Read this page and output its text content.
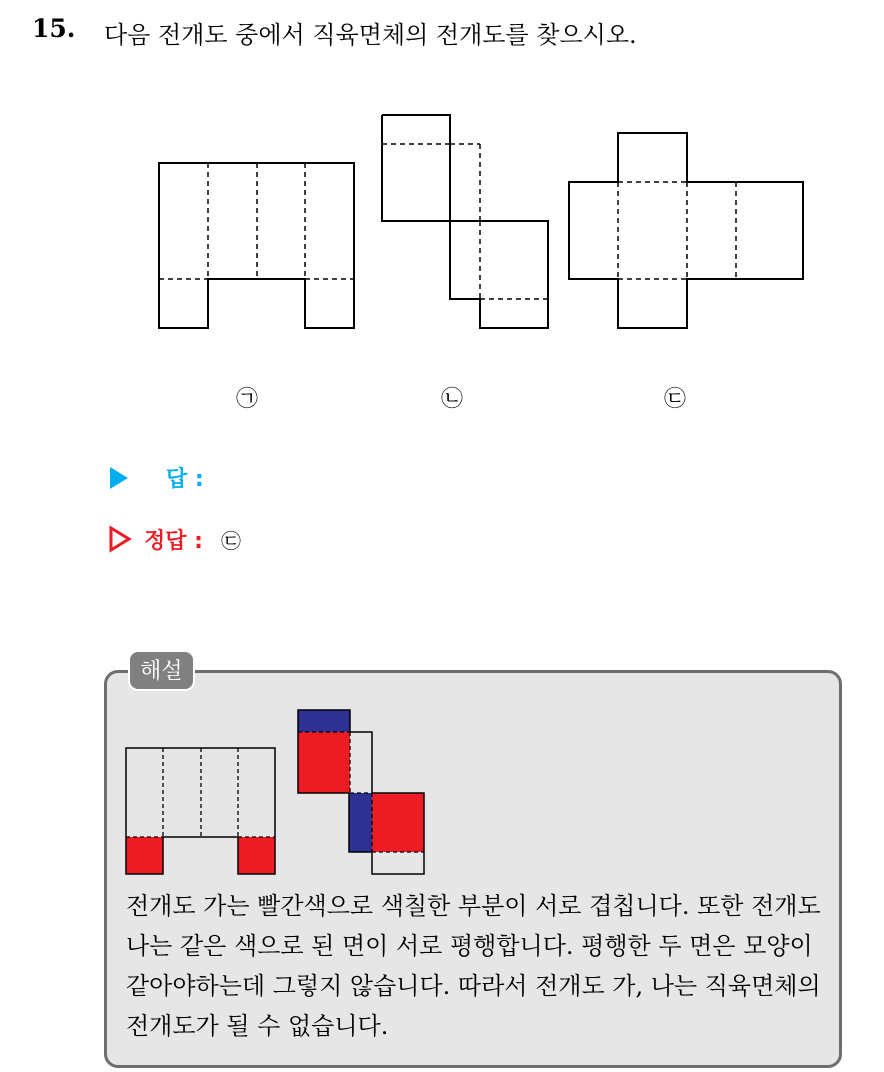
15. 다음 전개도 중에서 직육면체의 전개도를 찾으시오.
㉠	㉡	㉢
답 :
정답 : ㉢
해설
전개도 가는 빨간색으로 색칠한 부분이 서로 겹칩니다. 또한 전개도 나는 같은 색으로 된 면이 서로 평행합니다. 평행한 두 면은 모양이 같아야하는데 그렇지 않습니다. 따라서 전개도 가, 나는 직육면체의 전개도가 될 수 없습니다.
